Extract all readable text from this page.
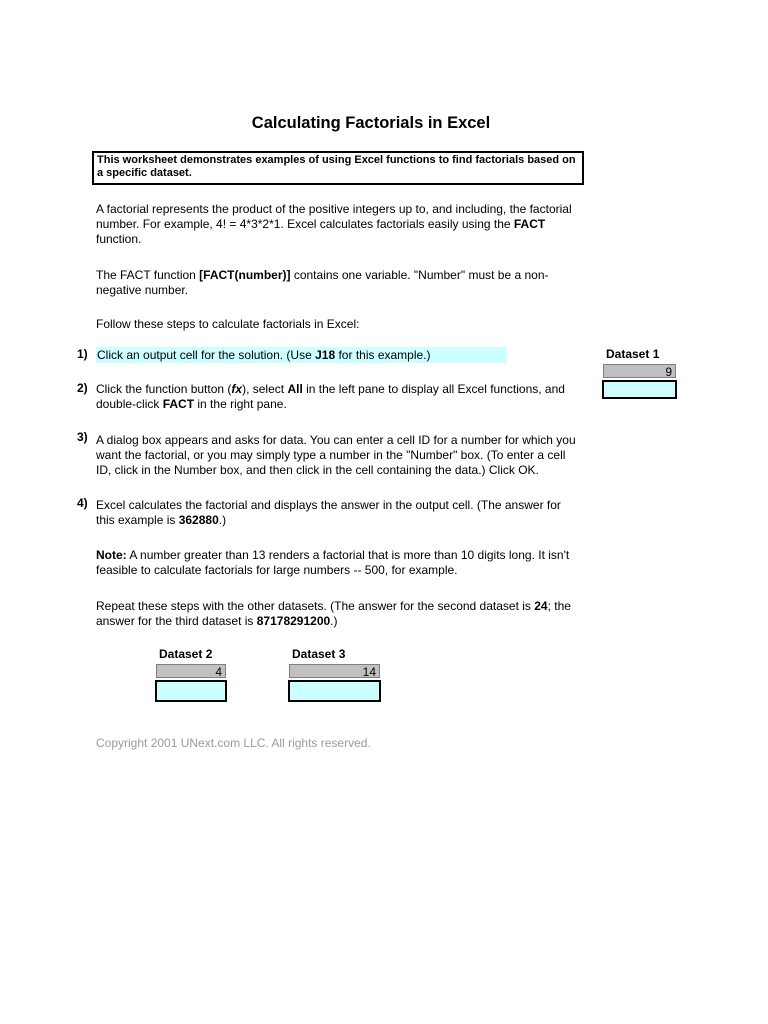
Calculating Factorials in Excel
This worksheet demonstrates examples of using Excel functions to find factorials based on a specific dataset.
A factorial represents the product of the positive integers up to, and including, the factorial number. For example, 4! = 4*3*2*1. Excel calculates factorials easily using the FACT function.
The FACT function [FACT(number)] contains one variable. "Number" must be a non-negative number.
Follow these steps to calculate factorials in Excel:
1) Click an output cell for the solution. (Use J18 for this example.)
2) Click the function button (fx), select All in the left pane to display all Excel functions, and double-click FACT in the right pane.
3) A dialog box appears and asks for data. You can enter a cell ID for a number for which you want the factorial, or you may simply type a number in the "Number" box. (To enter a cell ID, click in the Number box, and then click in the cell containing the data.) Click OK.
4) Excel calculates the factorial and displays the answer in the output cell. (The answer for this example is 362880.)
Note: A number greater than 13 renders a factorial that is more than 10 digits long. It isn't feasible to calculate factorials for large numbers -- 500, for example.
Repeat these steps with the other datasets. (The answer for the second dataset is 24; the answer for the third dataset is 87178291200.)
Dataset 1
9
Dataset 2
4
Dataset 3
14
Copyright 2001 UNext.com LLC. All rights reserved.
